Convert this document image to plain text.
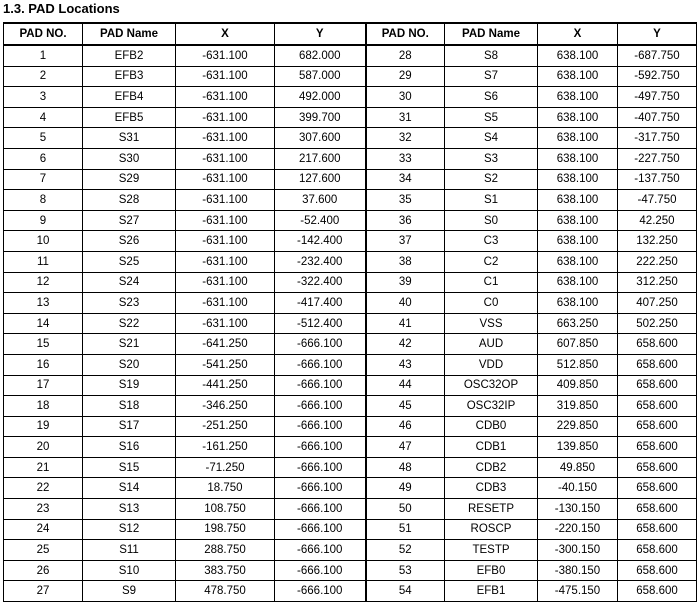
1.3. PAD Locations
PAD NO.	PAD Name	X	Y	PAD NO.	PAD Name	X	Y
1	EFB2	-631.100	682.000	28	S8	638.100	-687.750
2	EFB3	-631.100	587.000	29	S7	638.100	-592.750
3	EFB4	-631.100	492.000	30	S6	638.100	-497.750
4	EFB5	-631.100	399.700	31	S5	638.100	-407.750
5	S31	-631.100	307.600	32	S4	638.100	-317.750
6	S30	-631.100	217.600	33	S3	638.100	-227.750
7	S29	-631.100	127.600	34	S2	638.100	-137.750
8	S28	-631.100	37.600	35	S1	638.100	-47.750
9	S27	-631.100	-52.400	36	S0	638.100	42.250
10	S26	-631.100	-142.400	37	C3	638.100	132.250
11	S25	-631.100	-232.400	38	C2	638.100	222.250
12	S24	-631.100	-322.400	39	C1	638.100	312.250
13	S23	-631.100	-417.400	40	C0	638.100	407.250
14	S22	-631.100	-512.400	41	VSS	663.250	502.250
15	S21	-641.250	-666.100	42	AUD	607.850	658.600
16	S20	-541.250	-666.100	43	VDD	512.850	658.600
17	S19	-441.250	-666.100	44	OSC32OP	409.850	658.600
18	S18	-346.250	-666.100	45	OSC32IP	319.850	658.600
19	S17	-251.250	-666.100	46	CDB0	229.850	658.600
20	S16	-161.250	-666.100	47	CDB1	139.850	658.600
21	S15	-71.250	-666.100	48	CDB2	49.850	658.600
22	S14	18.750	-666.100	49	CDB3	-40.150	658.600
23	S13	108.750	-666.100	50	RESETP	-130.150	658.600
24	S12	198.750	-666.100	51	ROSCP	-220.150	658.600
25	S11	288.750	-666.100	52	TESTP	-300.150	658.600
26	S10	383.750	-666.100	53	EFB0	-380.150	658.600
27	S9	478.750	-666.100	54	EFB1	-475.150	658.600
